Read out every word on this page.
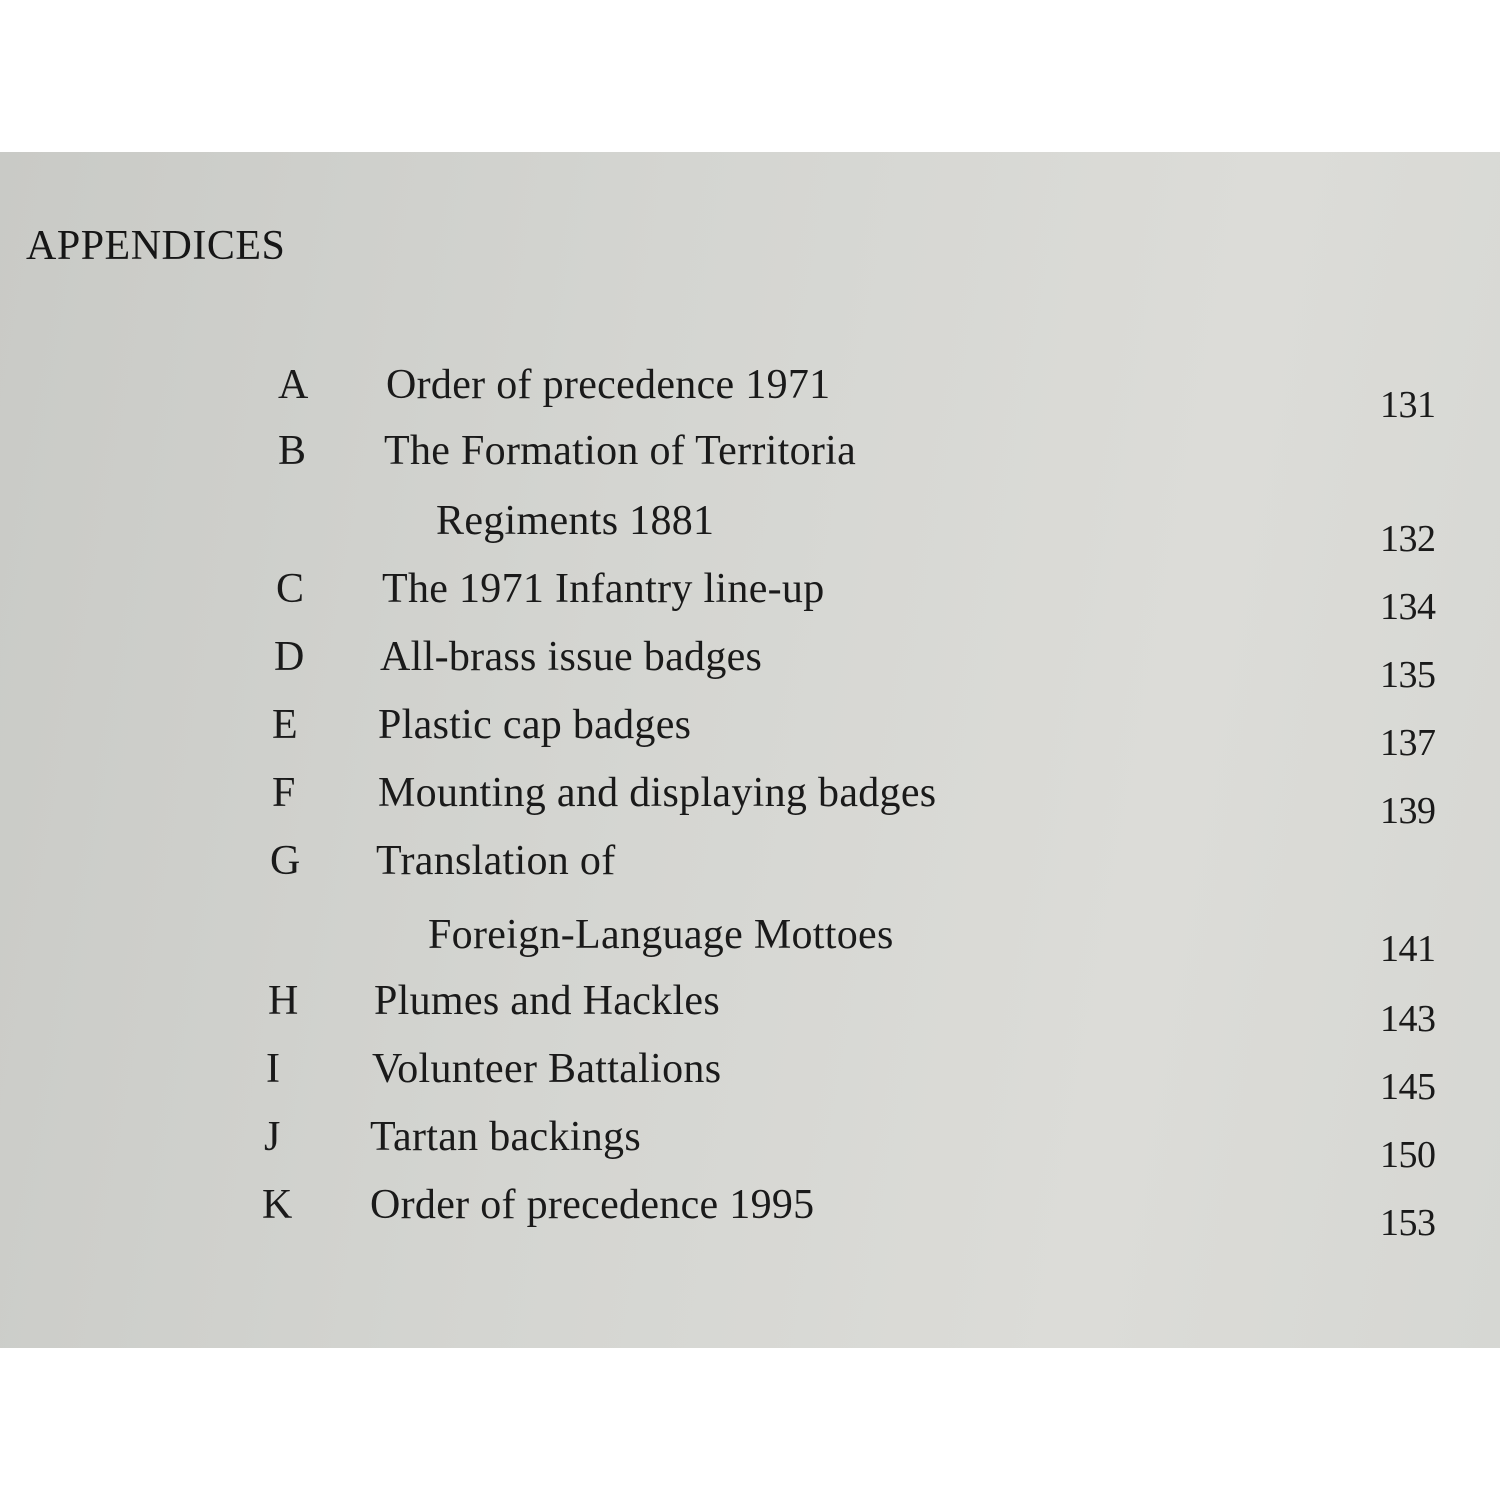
APPENDICES
A Order of precedence 1971	131
B The Formation of Territoria
Regiments 1881	132
C The 1971 Infantry line-up	134
D All-brass issue badges	135
E Plastic cap badges	137
F Mounting and displaying badges	139
G Translation of
Foreign-Language Mottoes	141
H Plumes and Hackles	143
I Volunteer Battalions	145
J Tartan backings	150
K Order of precedence 1995	153
